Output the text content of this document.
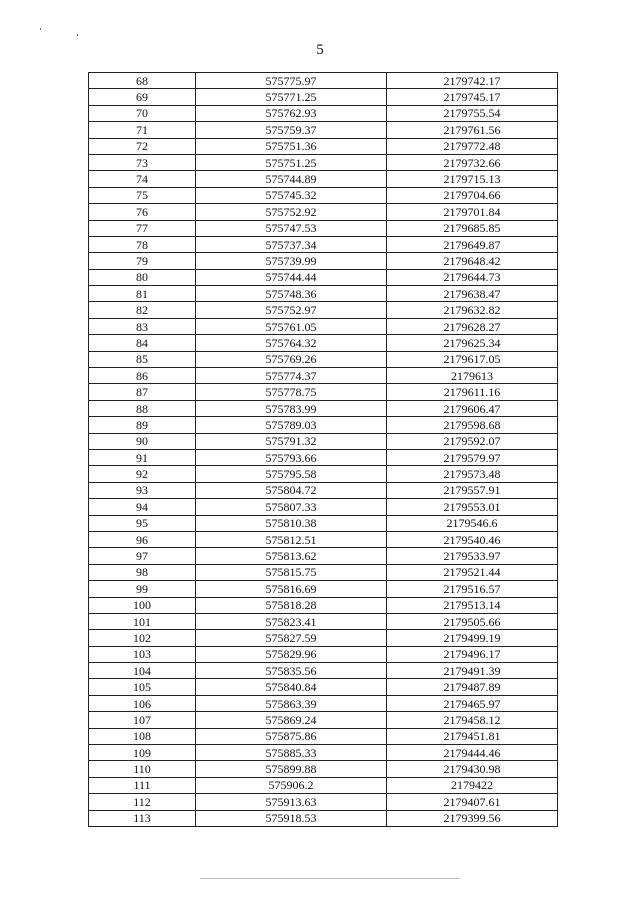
5
68	575775.97	2179742.17
69	575771.25	2179745.17
70	575762.93	2179755.54
71	575759.37	2179761.56
72	575751.36	2179772.48
73	575751.25	2179732.66
74	575744.89	2179715.13
75	575745.32	2179704.66
76	575752.92	2179701.84
77	575747.53	2179685.85
78	575737.34	2179649.87
79	575739.99	2179648.42
80	575744.44	2179644.73
81	575748.36	2179638.47
82	575752.97	2179632.82
83	575761.05	2179628.27
84	575764.32	2179625.34
85	575769.26	2179617.05
86	575774.37	2179613
87	575778.75	2179611.16
88	575783.99	2179606.47
89	575789.03	2179598.68
90	575791.32	2179592.07
91	575793.66	2179579.97
92	575795.58	2179573.48
93	575804.72	2179557.91
94	575807.33	2179553.01
95	575810.38	2179546.6
96	575812.51	2179540.46
97	575813.62	2179533.97
98	575815.75	2179521.44
99	575816.69	2179516.57
100	575818.28	2179513.14
101	575823.41	2179505.66
102	575827.59	2179499.19
103	575829.96	2179496.17
104	575835.56	2179491.39
105	575840.84	2179487.89
106	575863.39	2179465.97
107	575869.24	2179458.12
108	575875.86	2179451.81
109	575885.33	2179444.46
110	575899.88	2179430.98
111	575906.2	2179422
112	575913.63	2179407.61
113	575918.53	2179399.56
